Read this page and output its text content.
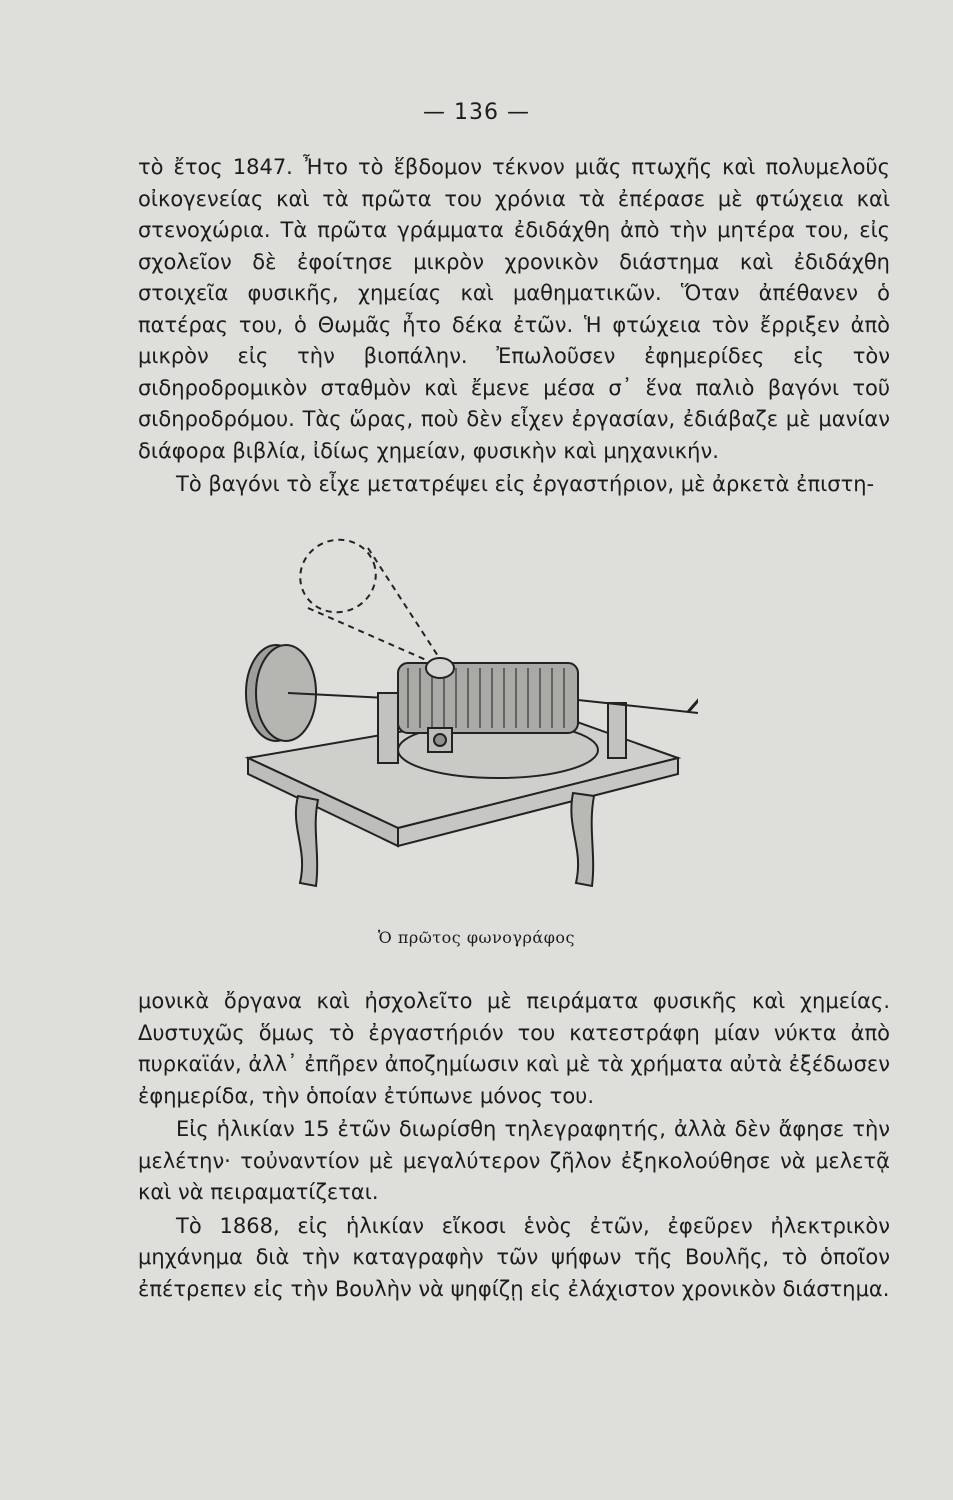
— 136 —

τὸ ἔτος 1847. Ἦτο τὸ ἕβδομον τέκνον μιᾶς πτωχῆς καὶ πολυμελοῦς οἰκογενείας καὶ τὰ πρῶτα του χρόνια τὰ ἐπέρασε μὲ φτώχεια καὶ στενοχώρια. Τὰ πρῶτα γράμματα ἐδιδάχθη ἀπὸ τὴν μητέρα του, εἰς σχολεῖον δὲ ἐφοίτησε μικρὸν χρονικὸν διάστημα καὶ ἐδιδάχθη στοιχεῖα φυσικῆς, χημείας καὶ μαθηματικῶν. Ὅταν ἀπέθανεν ὁ πατέρας του, ὁ Θωμᾶς ἦτο δέκα ἐτῶν. Ἡ φτώχεια τὸν ἔρριξεν ἀπὸ μικρὸν εἰς τὴν βιοπάλην. Ἐπωλοῦσεν ἐφημερίδες εἰς τὸν σιδηροδρομικὸν σταθμὸν καὶ ἔμενε μέσα σ᾽ ἕνα παλιὸ βαγόνι τοῦ σιδηροδρόμου. Τὰς ὥρας, ποὺ δὲν εἶχεν ἐργασίαν, ἐδιάβαζε μὲ μανίαν διάφορα βιβλία, ἰδίως χημείαν, φυσικὴν καὶ μηχανικήν.

Τὸ βαγόνι τὸ εἶχε μετατρέψει εἰς ἐργαστήριον, μὲ ἀρκετὰ ἐπιστη-

Ὁ πρῶτος φωνογράφος

μονικὰ ὄργανα καὶ ἠσχολεῖτο μὲ πειράματα φυσικῆς καὶ χημείας. Δυστυχῶς ὅμως τὸ ἐργαστήριόν του κατεστράφη μίαν νύκτα ἀπὸ πυρκαϊάν, ἀλλ᾽ ἐπῆρεν ἀποζημίωσιν καὶ μὲ τὰ χρήματα αὐτὰ ἐξέδωσεν ἐφημερίδα, τὴν ὁποίαν ἐτύπωνε μόνος του.

Εἰς ἡλικίαν 15 ἐτῶν διωρίσθη τηλεγραφητής, ἀλλὰ δὲν ἄφησε τὴν μελέτην· τοὐναντίον μὲ μεγαλύτερον ζῆλον ἐξηκολούθησε νὰ μελετᾷ καὶ νὰ πειραματίζεται.

Τὸ 1868, εἰς ἡλικίαν εἴκοσι ἑνὸς ἐτῶν, ἐφεῦρεν ἠλεκτρικὸν μηχάνημα διὰ τὴν καταγραφὴν τῶν ψήφων τῆς Βουλῆς, τὸ ὁποῖον ἐπέτρεπεν εἰς τὴν Βουλὴν νὰ ψηφίζῃ εἰς ἐλάχιστον χρονικὸν διάστημα.
